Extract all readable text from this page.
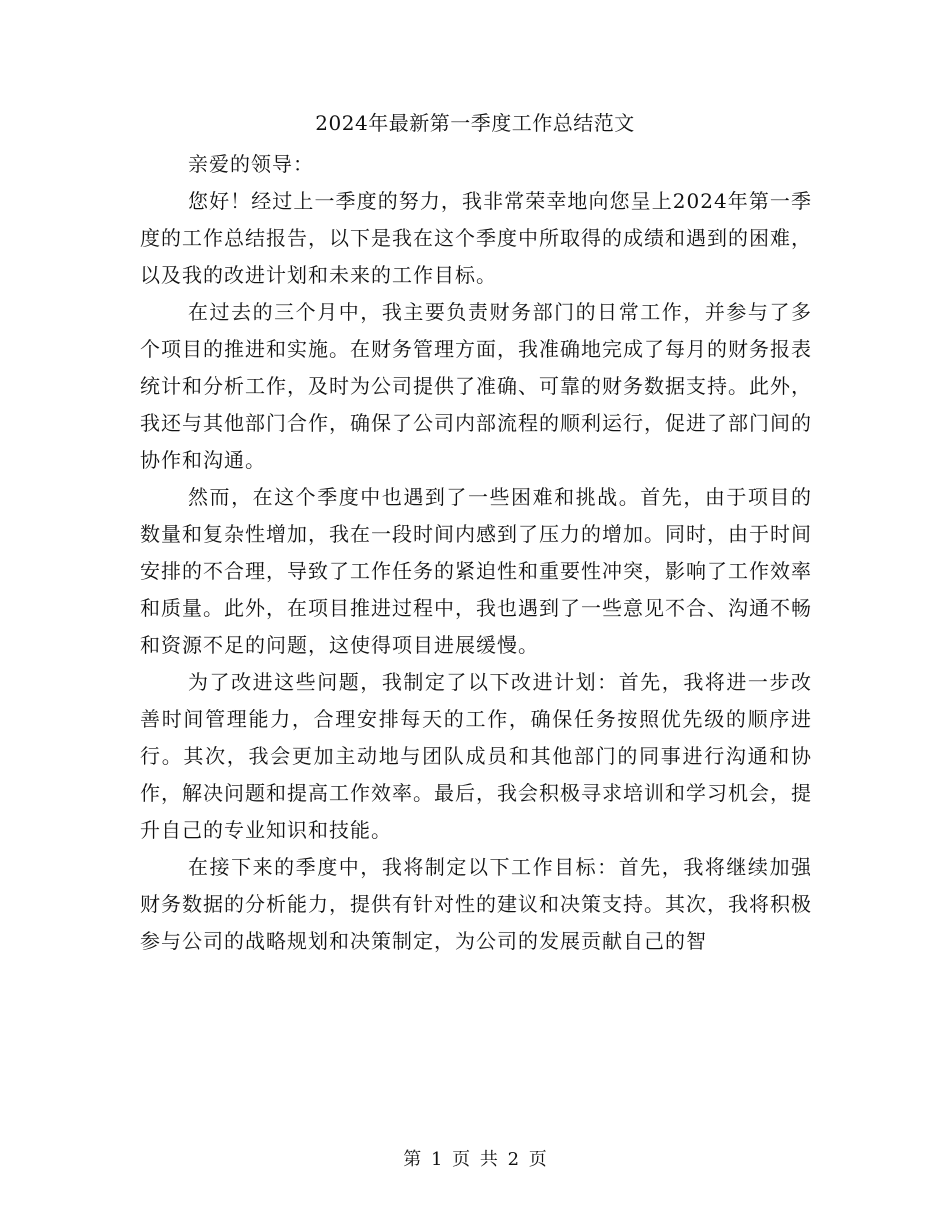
2024年最新第一季度工作总结范文

亲爱的领导：

您好！经过上一季度的努力，我非常荣幸地向您呈上2024年第一季度的工作总结报告，以下是我在这个季度中所取得的成绩和遇到的困难，以及我的改进计划和未来的工作目标。

在过去的三个月中，我主要负责财务部门的日常工作，并参与了多个项目的推进和实施。在财务管理方面，我准确地完成了每月的财务报表统计和分析工作，及时为公司提供了准确、可靠的财务数据支持。此外，我还与其他部门合作，确保了公司内部流程的顺利运行，促进了部门间的协作和沟通。

然而，在这个季度中也遇到了一些困难和挑战。首先，由于项目的数量和复杂性增加，我在一段时间内感到了压力的增加。同时，由于时间安排的不合理，导致了工作任务的紧迫性和重要性冲突，影响了工作效率和质量。此外，在项目推进过程中，我也遇到了一些意见不合、沟通不畅和资源不足的问题，这使得项目进展缓慢。

为了改进这些问题，我制定了以下改进计划：首先，我将进一步改善时间管理能力，合理安排每天的工作，确保任务按照优先级的顺序进行。其次，我会更加主动地与团队成员和其他部门的同事进行沟通和协作，解决问题和提高工作效率。最后，我会积极寻求培训和学习机会，提升自己的专业知识和技能。

在接下来的季度中，我将制定以下工作目标：首先，我将继续加强财务数据的分析能力，提供有针对性的建议和决策支持。其次，我将积极参与公司的战略规划和决策制定，为公司的发展贡献自己的智

第 1 页 共 2 页
